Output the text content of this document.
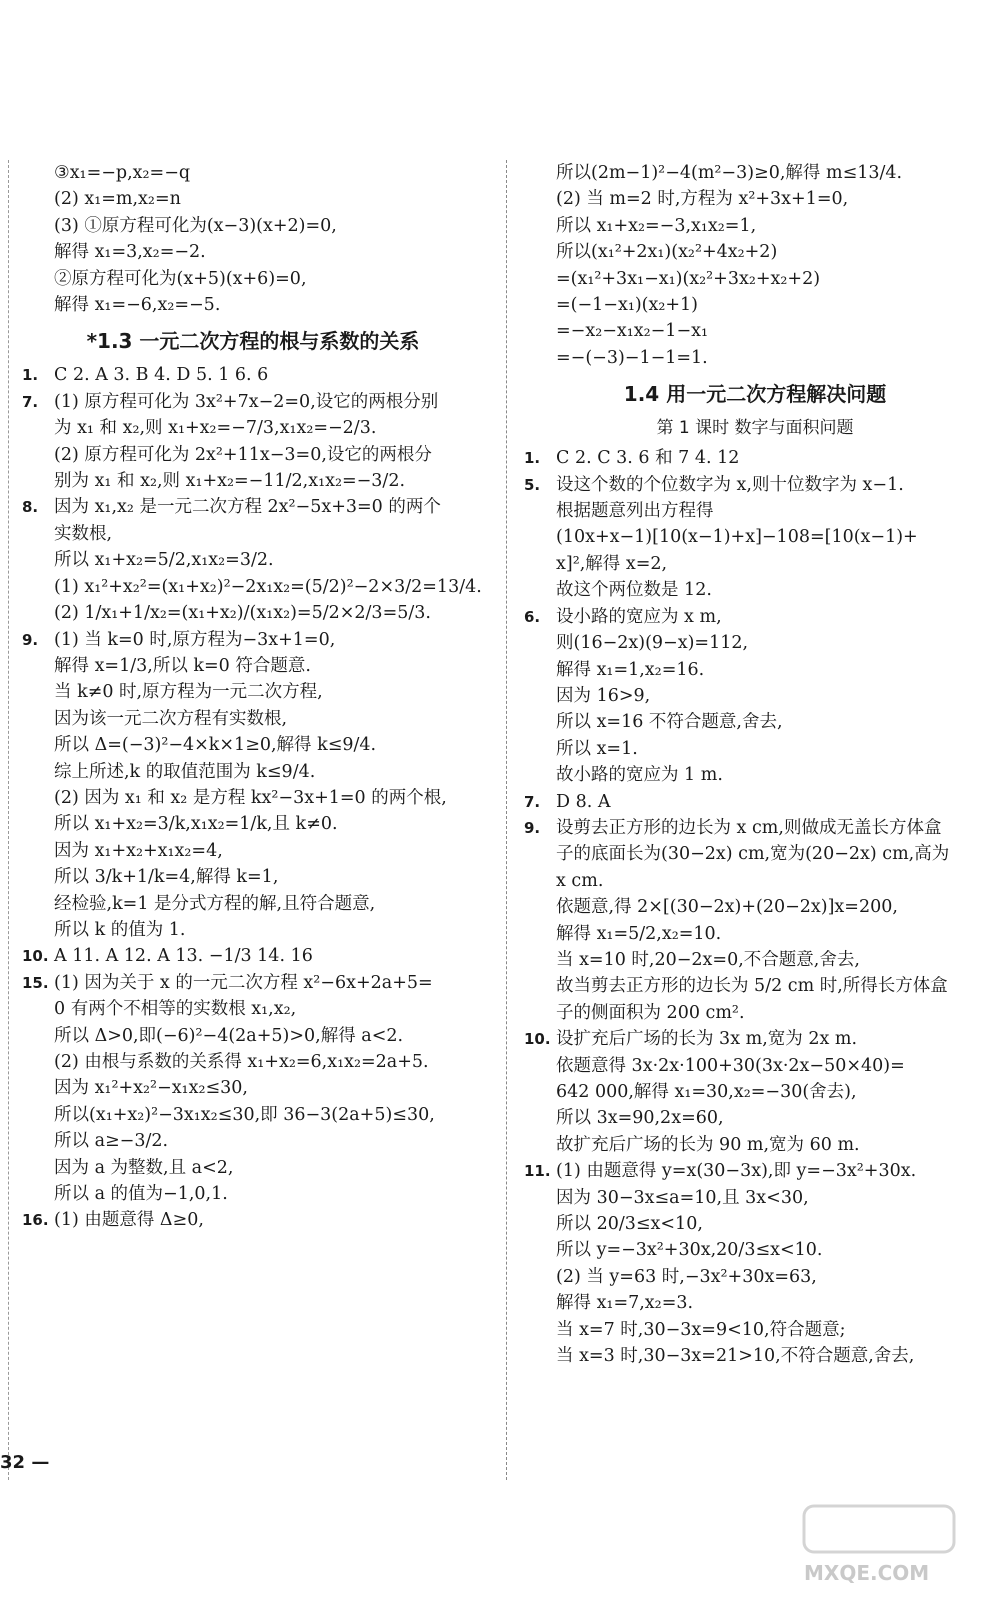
③x₁=−p,x₂=−q
(2) x₁=m,x₂=n
(3) ①原方程可化为(x−3)(x+2)=0,
解得 x₁=3,x₂=−2.
②原方程可化为(x+5)(x+6)=0,
解得 x₁=−6,x₂=−5.
*1.3 一元二次方程的根与系数的关系
1. C 2. A 3. B 4. D 5. 1 6. 6
7. (1) 原方程可化为 3x²+7x−2=0,设它的两根分别
为 x₁ 和 x₂,则 x₁+x₂=−7/3,x₁x₂=−2/3.
(2) 原方程可化为 2x²+11x−3=0,设它的两根分
别为 x₁ 和 x₂,则 x₁+x₂=−11/2,x₁x₂=−3/2.
8. 因为 x₁,x₂ 是一元二次方程 2x²−5x+3=0 的两个
实数根,
所以 x₁+x₂=5/2,x₁x₂=3/2.
(1) x₁²+x₂²=(x₁+x₂)²−2x₁x₂=(5/2)²−2×3/2=13/4.
(2) 1/x₁+1/x₂=(x₁+x₂)/(x₁x₂)=5/2×2/3=5/3.
9. (1) 当 k=0 时,原方程为−3x+1=0,
解得 x=1/3,所以 k=0 符合题意.
当 k≠0 时,原方程为一元二次方程,
因为该一元二次方程有实数根,
所以 Δ=(−3)²−4×k×1≥0,解得 k≤9/4.
综上所述,k 的取值范围为 k≤9/4.
(2) 因为 x₁ 和 x₂ 是方程 kx²−3x+1=0 的两个根,
所以 x₁+x₂=3/k,x₁x₂=1/k,且 k≠0.
因为 x₁+x₂+x₁x₂=4,
所以 3/k+1/k=4,解得 k=1,
经检验,k=1 是分式方程的解,且符合题意,
所以 k 的值为 1.
10. A 11. A 12. A 13. −1/3 14. 16
15. (1) 因为关于 x 的一元二次方程 x²−6x+2a+5=
0 有两个不相等的实数根 x₁,x₂,
所以 Δ>0,即(−6)²−4(2a+5)>0,解得 a<2.
(2) 由根与系数的关系得 x₁+x₂=6,x₁x₂=2a+5.
因为 x₁²+x₂²−x₁x₂≤30,
所以(x₁+x₂)²−3x₁x₂≤30,即 36−3(2a+5)≤30,
所以 a≥−3/2.
因为 a 为整数,且 a<2,
所以 a 的值为−1,0,1.
16. (1) 由题意得 Δ≥0,
所以(2m−1)²−4(m²−3)≥0,解得 m≤13/4.
(2) 当 m=2 时,方程为 x²+3x+1=0,
所以 x₁+x₂=−3,x₁x₂=1,
所以(x₁²+2x₁)(x₂²+4x₂+2)
=(x₁²+3x₁−x₁)(x₂²+3x₂+x₂+2)
=(−1−x₁)(x₂+1)
=−x₂−x₁x₂−1−x₁
=−(−3)−1−1=1.
1.4 用一元二次方程解决问题
第 1 课时 数字与面积问题
1. C 2. C 3. 6 和 7 4. 12
5. 设这个数的个位数字为 x,则十位数字为 x−1.
根据题意列出方程得
(10x+x−1)[10(x−1)+x]−108=[10(x−1)+
x]²,解得 x=2,
故这个两位数是 12.
6. 设小路的宽应为 x m,
则(16−2x)(9−x)=112,
解得 x₁=1,x₂=16.
因为 16>9,
所以 x=16 不符合题意,舍去,
所以 x=1.
故小路的宽应为 1 m.
7. D 8. A
9. 设剪去正方形的边长为 x cm,则做成无盖长方体盒
子的底面长为(30−2x) cm,宽为(20−2x) cm,高为
x cm.
依题意,得 2×[(30−2x)+(20−2x)]x=200,
解得 x₁=5/2,x₂=10.
当 x=10 时,20−2x=0,不合题意,舍去,
故当剪去正方形的边长为 5/2 cm 时,所得长方体盒
子的侧面积为 200 cm².
10. 设扩充后广场的长为 3x m,宽为 2x m.
依题意得 3x·2x·100+30(3x·2x−50×40)=
642 000,解得 x₁=30,x₂=−30(舍去),
所以 3x=90,2x=60,
故扩充后广场的长为 90 m,宽为 60 m.
11. (1) 由题意得 y=x(30−3x),即 y=−3x²+30x.
因为 30−3x≤a=10,且 3x<30,
所以 20/3≤x<10,
所以 y=−3x²+30x,20/3≤x<10.
(2) 当 y=63 时,−3x²+30x=63,
解得 x₁=7,x₂=3.
当 x=7 时,30−3x=9<10,符合题意;
当 x=3 时,30−3x=21>10,不符合题意,舍去,
32 —
MXQE.COM
